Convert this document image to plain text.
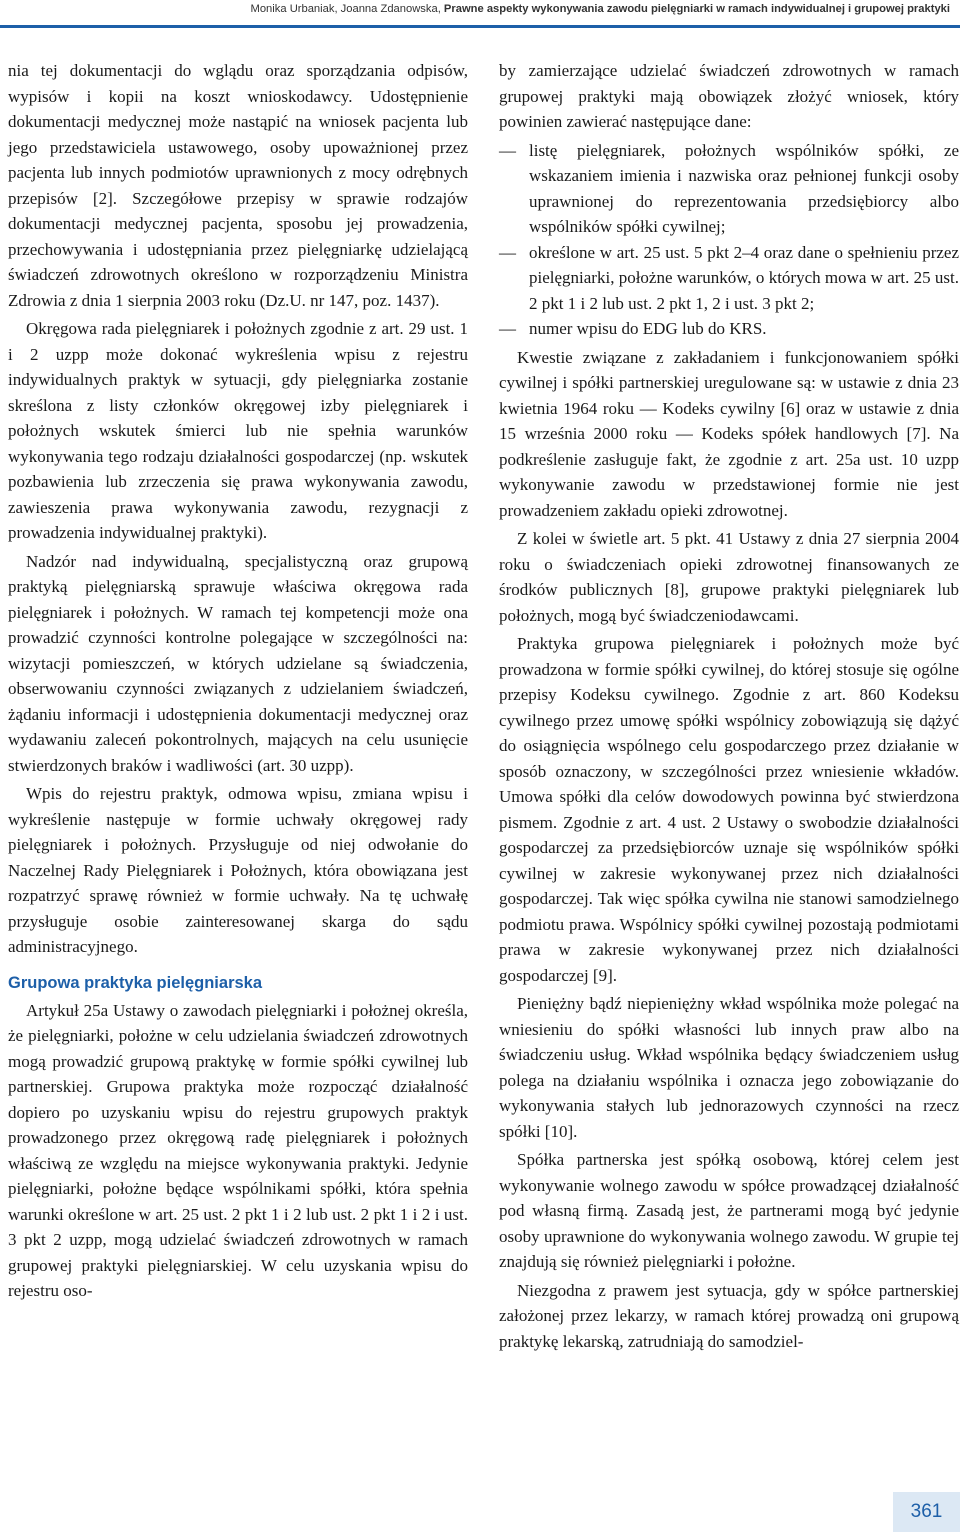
Monika Urbaniak, Joanna Zdanowska, Prawne aspekty wykonywania zawodu pielęgniarki w ramach indywidualnej i grupowej praktyki

nia tej dokumentacji do wglądu oraz sporządzania odpisów, wypisów i kopii na koszt wnioskodawcy. Udostępnienie dokumentacji medycznej może nastąpić na wniosek pacjenta lub jego przedstawiciela ustawowego, osoby upoważnionej przez pacjenta lub innych podmiotów uprawnionych z mocy odrębnych przepisów [2]. Szczegółowe przepisy w sprawie rodzajów dokumentacji medycznej pacjenta, sposobu jej prowadzenia, przechowywania i udostępniania przez pielęgniarkę udzielającą świadczeń zdrowotnych określono w rozporządzeniu Ministra Zdrowia z dnia 1 sierpnia 2003 roku (Dz.U. nr 147, poz. 1437).

Okręgowa rada pielęgniarek i położnych zgodnie z art. 29 ust. 1 i 2 uzpp może dokonać wykreślenia wpisu z rejestru indywidualnych praktyk w sytuacji, gdy pielęgniarka zostanie skreślona z listy członków okręgowej izby pielęgniarek i położnych wskutek śmierci lub nie spełnia warunków wykonywania tego rodzaju działalności gospodarczej (np. wskutek pozbawienia lub zrzeczenia się prawa wykonywania zawodu, zawieszenia prawa wykonywania zawodu, rezygnacji z prowadzenia indywidualnej praktyki).

Nadzór nad indywidualną, specjalistyczną oraz grupową praktyką pielęgniarską sprawuje właściwa okręgowa rada pielęgniarek i położnych. W ramach tej kompetencji może ona prowadzić czynności kontrolne polegające w szczególności na: wizytacji pomieszczeń, w których udzielane są świadczenia, obserwowaniu czynności związanych z udzielaniem świadczeń, żądaniu informacji i udostępnienia dokumentacji medycznej oraz wydawaniu zaleceń pokontrolnych, mających na celu usunięcie stwierdzonych braków i wadliwości (art. 30 uzpp).

Wpis do rejestru praktyk, odmowa wpisu, zmiana wpisu i wykreślenie następuje w formie uchwały okręgowej rady pielęgniarek i położnych. Przysługuje od niej odwołanie do Naczelnej Rady Pielęgniarek i Położnych, która obowiązana jest rozpatrzyć sprawę również w formie uchwały. Na tę uchwałę przysługuje osobie zainteresowanej skarga do sądu administracyjnego.

Grupowa praktyka pielęgniarska

Artykuł 25a Ustawy o zawodach pielęgniarki i położnej określa, że pielęgniarki, położne w celu udzielania świadczeń zdrowotnych mogą prowadzić grupową praktykę w formie spółki cywilnej lub partnerskiej. Grupowa praktyka może rozpocząć działalność dopiero po uzyskaniu wpisu do rejestru grupowych praktyk prowadzonego przez okręgową radę pielęgniarek i położnych właściwą ze względu na miejsce wykonywania praktyki. Jedynie pielęgniarki, położne będące wspólnikami spółki, która spełnia warunki określone w art. 25 ust. 2 pkt 1 i 2 lub ust. 2 pkt 1 i 2 i ust. 3 pkt 2 uzpp, mogą udzielać świadczeń zdrowotnych w ramach grupowej praktyki pielęgniarskiej. W celu uzyskania wpisu do rejestru oso-

by zamierzające udzielać świadczeń zdrowotnych w ramach grupowej praktyki mają obowiązek złożyć wniosek, który powinien zawierać następujące dane:

— listę pielęgniarek, położnych wspólników spółki, ze wskazaniem imienia i nazwiska oraz pełnionej funkcji osoby uprawnionej do reprezentowania przedsiębiorcy albo wspólników spółki cywilnej;
— określone w art. 25 ust. 5 pkt 2–4 oraz dane o spełnieniu przez pielęgniarki, położne warunków, o których mowa w art. 25 ust. 2 pkt 1 i 2 lub ust. 2 pkt 1, 2 i ust. 3 pkt 2;
— numer wpisu do EDG lub do KRS.

Kwestie związane z zakładaniem i funkcjonowaniem spółki cywilnej i spółki partnerskiej uregulowane są: w ustawie z dnia 23 kwietnia 1964 roku — Kodeks cywilny [6] oraz w ustawie z dnia 15 września 2000 roku — Kodeks spółek handlowych [7]. Na podkreślenie zasługuje fakt, że zgodnie z art. 25a ust. 10 uzpp wykonywanie zawodu w przedstawionej formie nie jest prowadzeniem zakładu opieki zdrowotnej.

Z kolei w świetle art. 5 pkt. 41 Ustawy z dnia 27 sierpnia 2004 roku o świadczeniach opieki zdrowotnej finansowanych ze środków publicznych [8], grupowe praktyki pielęgniarek lub położnych, mogą być świadczeniodawcami.

Praktyka grupowa pielęgniarek i położnych może być prowadzona w formie spółki cywilnej, do której stosuje się ogólne przepisy Kodeksu cywilnego. Zgodnie z art. 860 Kodeksu cywilnego przez umowę spółki wspólnicy zobowiązują się dążyć do osiągnięcia wspólnego celu gospodarczego przez działanie w sposób oznaczony, w szczególności przez wniesienie wkładów. Umowa spółki dla celów dowodowych powinna być stwierdzona pismem. Zgodnie z art. 4 ust. 2 Ustawy o swobodzie działalności gospodarczej za przedsiębiorców uznaje się wspólników spółki cywilnej w zakresie wykonywanej przez nich działalności gospodarczej. Tak więc spółka cywilna nie stanowi samodzielnego podmiotu prawa. Wspólnicy spółki cywilnej pozostają podmiotami prawa w zakresie wykonywanej przez nich działalności gospodarczej [9].

Pieniężny bądź niepieniężny wkład wspólnika może polegać na wniesieniu do spółki własności lub innych praw albo na świadczeniu usług. Wkład wspólnika będący świadczeniem usług polega na działaniu wspólnika i oznacza jego zobowiązanie do wykonywania stałych lub jednorazowych czynności na rzecz spółki [10].

Spółka partnerska jest spółką osobową, której celem jest wykonywanie wolnego zawodu w spółce prowadzącej działalność pod własną firmą. Zasadą jest, że partnerami mogą być jedynie osoby uprawnione do wykonywania wolnego zawodu. W grupie tej znajdują się również pielęgniarki i położne.

Niezgodna z prawem jest sytuacja, gdy w spółce partnerskiej założonej przez lekarzy, w ramach której prowadzą oni grupową praktykę lekarską, zatrudniają do samodziel-

361
